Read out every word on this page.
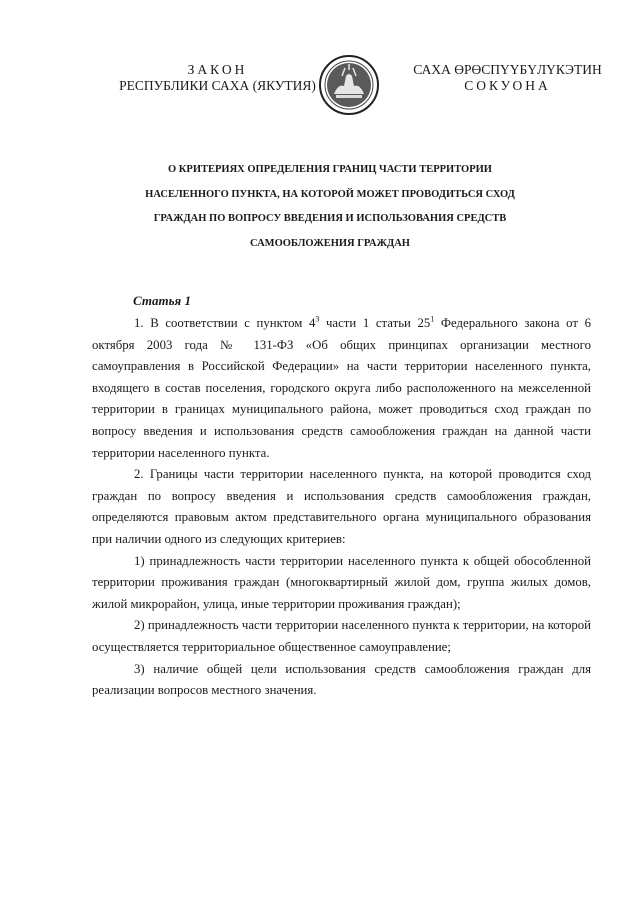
ЗАКОН
РЕСПУБЛИКИ САХА (ЯКУТИЯ)
САХА ӨРӨСПҮҮБҮЛҮКЭТИН
СОКУОНА
О КРИТЕРИЯХ ОПРЕДЕЛЕНИЯ ГРАНИЦ ЧАСТИ ТЕРРИТОРИИ
НАСЕЛЕННОГО ПУНКТА, НА КОТОРОЙ МОЖЕТ ПРОВОДИТЬСЯ СХОД
ГРАЖДАН ПО ВОПРОСУ ВВЕДЕНИЯ И ИСПОЛЬЗОВАНИЯ СРЕДСТВ
САМООБЛОЖЕНИЯ ГРАЖДАН
Статья 1

1. В соответствии с пунктом $4^3$ части 1 статьи $25^1$ Федерального закона от 6 октября 2003 года № 131-ФЗ «Об общих принципах организации местного самоуправления в Российской Федерации» на части территории населенного пункта, входящего в состав поселения, городского округа либо расположенного на межселенной территории в границах муниципального района, может проводиться сход граждан по вопросу введения и использования средств самообложения граждан на данной части территории населенного пункта.

2. Границы части территории населенного пункта, на которой проводится сход граждан по вопросу введения и использования средств самообложения граждан, определяются правовым актом представительного органа муниципального образования при наличии одного из следующих критериев:

1) принадлежность части территории населенного пункта к общей обособленной территории проживания граждан (многоквартирный жилой дом, группа жилых домов, жилой микрорайон, улица, иные территории проживания граждан);

2) принадлежность части территории населенного пункта к территории, на которой осуществляется территориальное общественное самоуправление;

3) наличие общей цели использования средств самообложения граждан для реализации вопросов местного значения.
